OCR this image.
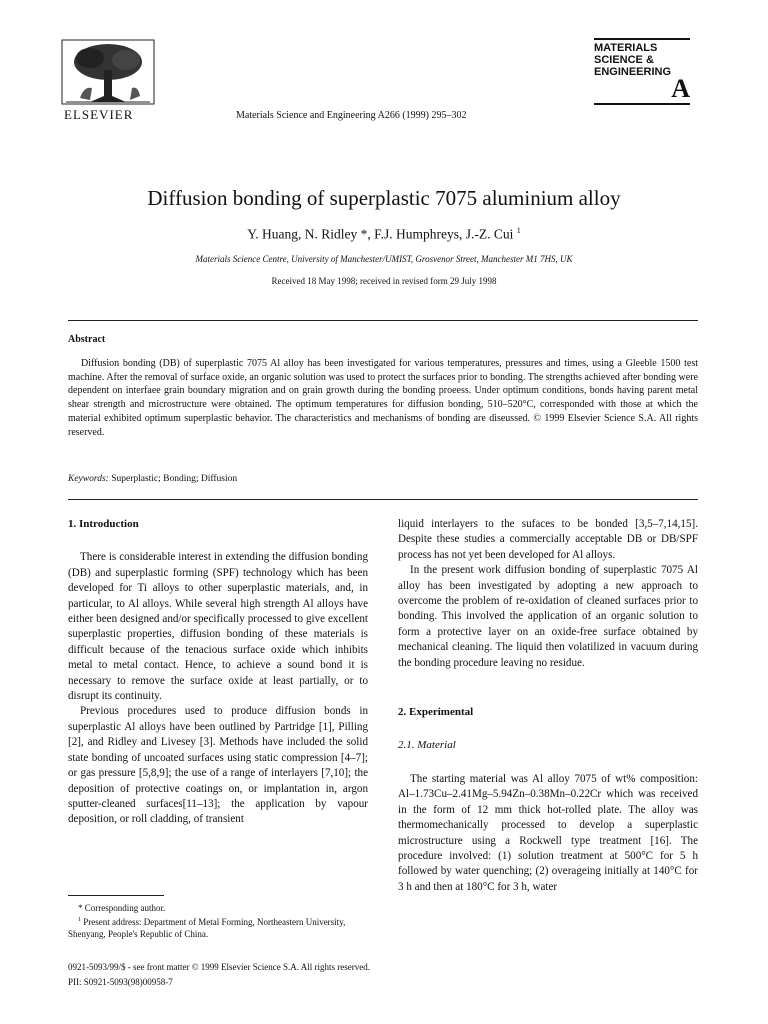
ELSEVIER	Materials Science and Engineering A266 (1999) 295–302
MATERIALS
SCIENCE &
ENGINEERING
A
Diffusion bonding of superplastic 7075 aluminium alloy
Y. Huang, N. Ridley *, F.J. Humphreys, J.-Z. Cui $^1$
Materials Science Centre, University of Manchester/UMIST, Grosvenor Street, Manchester M1 7HS, UK
Received 18 May 1998; received in revised form 29 July 1998
Abstract
Diffusion bonding (DB) of superplastic 7075 Al alloy has been investigated for various temperatures, pressures and times, using a Gleeble 1500 test machine. After the removal of surface oxide, an organic solution was used to protect the surfaces prior to bonding. The strengths achieved after bonding were dependent on interfaee grain boundary migration and on grain growth during the bonding proeess. Under optimum conditions, bonds having parent metal shear strength and microstructure were obtained. The optimum temperatures for diffusion bonding, 510–520°C, corresponded with those at which the material exhibited optimum superplastic behavior. The characteristics and mechanisms of bonding are diseussed. © 1999 Elsevier Science S.A. All rights reserved.
Keywords: Superplastic; Bonding; Diffusion
1. Introduction

There is considerable interest in extending the diffusion bonding (DB) and superplastic forming (SPF) technology which has been developed for Ti alloys to other superplastic materials, and, in particular, to Al alloys. While several high strength Al alloys have either been designed and/or specifically processed to give excellent superplastic properties, diffusion bonding of these materials is difficult because of the tenacious surface oxide which inhibits metal to metal contact. Hence, to achieve a sound bond it is necessary to remove the surface oxide at least partially, or to disrupt its continuity.

Previous procedures used to produce diffusion bonds in superplastic Al alloys have been outlined by Partridge [1], Pilling [2], and Ridley and Livesey [3]. Methods have included the solid state bonding of uncoated surfaces using static compression [4–7]; or gas pressure [5,8,9]; the use of a range of interlayers [7,10]; the deposition of protective coatings on, or implantation in, argon sputter-cleaned surfaces[11–13]; the application by vapour deposition, or roll cladding, of transient

liquid interlayers to the sufaces to be bonded [3,5–7,14,15]. Despite these studies a commercially acceptable DB or DB/SPF process has not yet been developed for Al alloys.

In the present work diffusion bonding of superplastic 7075 Al alloy has been investigated by adopting a new approach to overcome the problem of re-oxidation of cleaned surfaces prior to bonding. This involved the application of an organic solution to form a protective layer on an oxide-free surface obtained by mechanical cleaning. The liquid then volatilized in vacuum during the bonding procedure leaving no residue.

2. Experimental
2.1. Material

The starting material was Al alloy 7075 of wt% composition: Al–1.73Cu–2.41Mg–5.94Zn–0.38Mn–0.22Cr which was received in the form of 12 mm thick hot-rolled plate. The alloy was thermomechanically processed to develop a superplastic microstructure using a Rockwell type treatment [16]. The procedure involved: (1) solution treatment at 500°C for 5 h followed by water quenching; (2) overageing initially at 140°C for 3 h and then at 180°C for 3 h, water

* Corresponding author.
$^1$ Present address: Department of Metal Forming, Northeastern University, Shenyang, People's Republic of China.
0921-5093/99/$ - see front matter © 1999 Elsevier Science S.A. All rights reserved.
PII: S0921-5093(98)00958-7
